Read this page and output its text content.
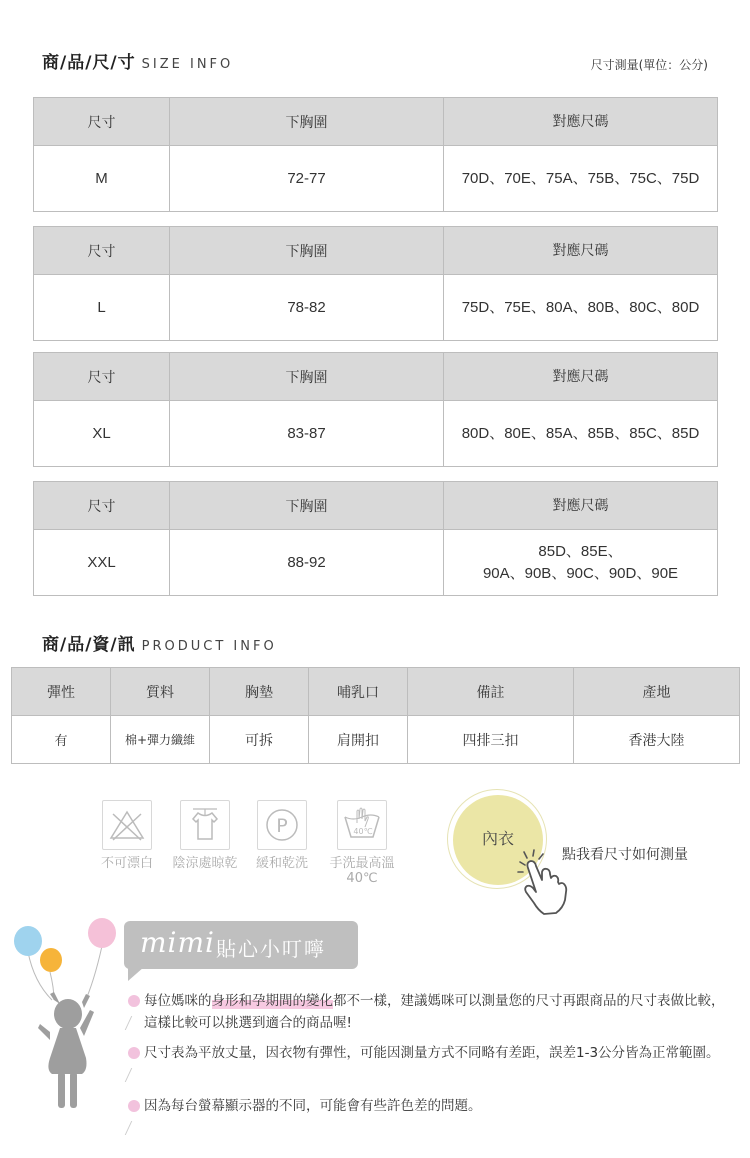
商/品/尺/寸 SIZE INFO	尺寸測量(單位：公分)
尺寸	下胸圍	對應尺碼
M	72-77	70D、70E、75A、75B、75C、75D
尺寸	下胸圍	對應尺碼
L	78-82	75D、75E、80A、80B、80C、80D
尺寸	下胸圍	對應尺碼
XL	83-87	80D、80E、85A、85B、85C、85D
尺寸	下胸圍	對應尺碼
XXL	88-92	85D、85E、
90A、90B、90C、90D、90E
商/品/資/訊 PRODUCT INFO
彈性	質料	胸墊	哺乳口	備註	產地
有	棉+彈力纖維	可拆	肩開扣	四排三扣	香港大陸
不可漂白	陰涼處晾乾
P
緩和乾洗
40℃
手洗最高溫
40℃
內衣
點我看尺寸如何測量
mimi 貼心小叮嚀

每位媽咪的身形和孕期間的變化都不一樣，建議媽咪可以測量您的尺寸再跟商品的尺寸表做比較，這樣比較可以挑選到適合的商品喔!

尺寸表為平放丈量，因衣物有彈性，可能因測量方式不同略有差距，誤差1-3公分皆為正常範圍。

因為每台螢幕顯示器的不同，可能會有些許色差的問題。
